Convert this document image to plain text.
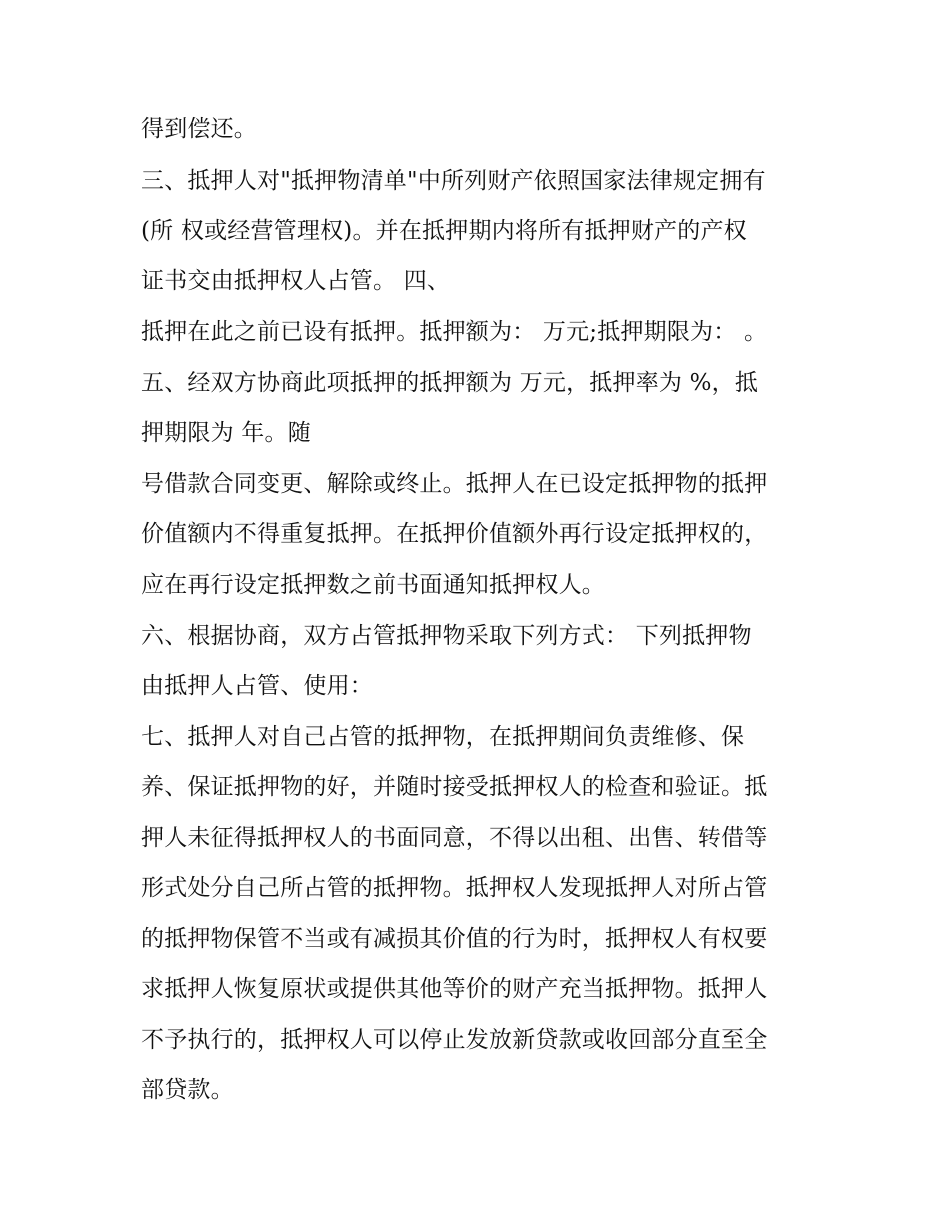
得到偿还。
三、抵押人对"抵押物清单"中所列财产依照国家法律规定拥有
(所 权或经营管理权)。并在抵押期内将所有抵押财产的产权
证书交由抵押权人占管。 四、
抵押在此之前已设有抵押。抵押额为： 万元;抵押期限为： 。
五、经双方协商此项抵押的抵押额为 万元，抵押率为 %，抵
押期限为 年。随
号借款合同变更、解除或终止。抵押人在已设定抵押物的抵押
价值额内不得重复抵押。在抵押价值额外再行设定抵押权的，
应在再行设定抵押数之前书面通知抵押权人。
六、根据协商，双方占管抵押物采取下列方式： 下列抵押物
由抵押人占管、使用：
七、抵押人对自己占管的抵押物，在抵押期间负责维修、保
养、保证抵押物的好，并随时接受抵押权人的检查和验证。抵
押人未征得抵押权人的书面同意，不得以出租、出售、转借等
形式处分自己所占管的抵押物。抵押权人发现抵押人对所占管
的抵押物保管不当或有减损其价值的行为时，抵押权人有权要
求抵押人恢复原状或提供其他等价的财产充当抵押物。抵押人
不予执行的，抵押权人可以停止发放新贷款或收回部分直至全
部贷款。
